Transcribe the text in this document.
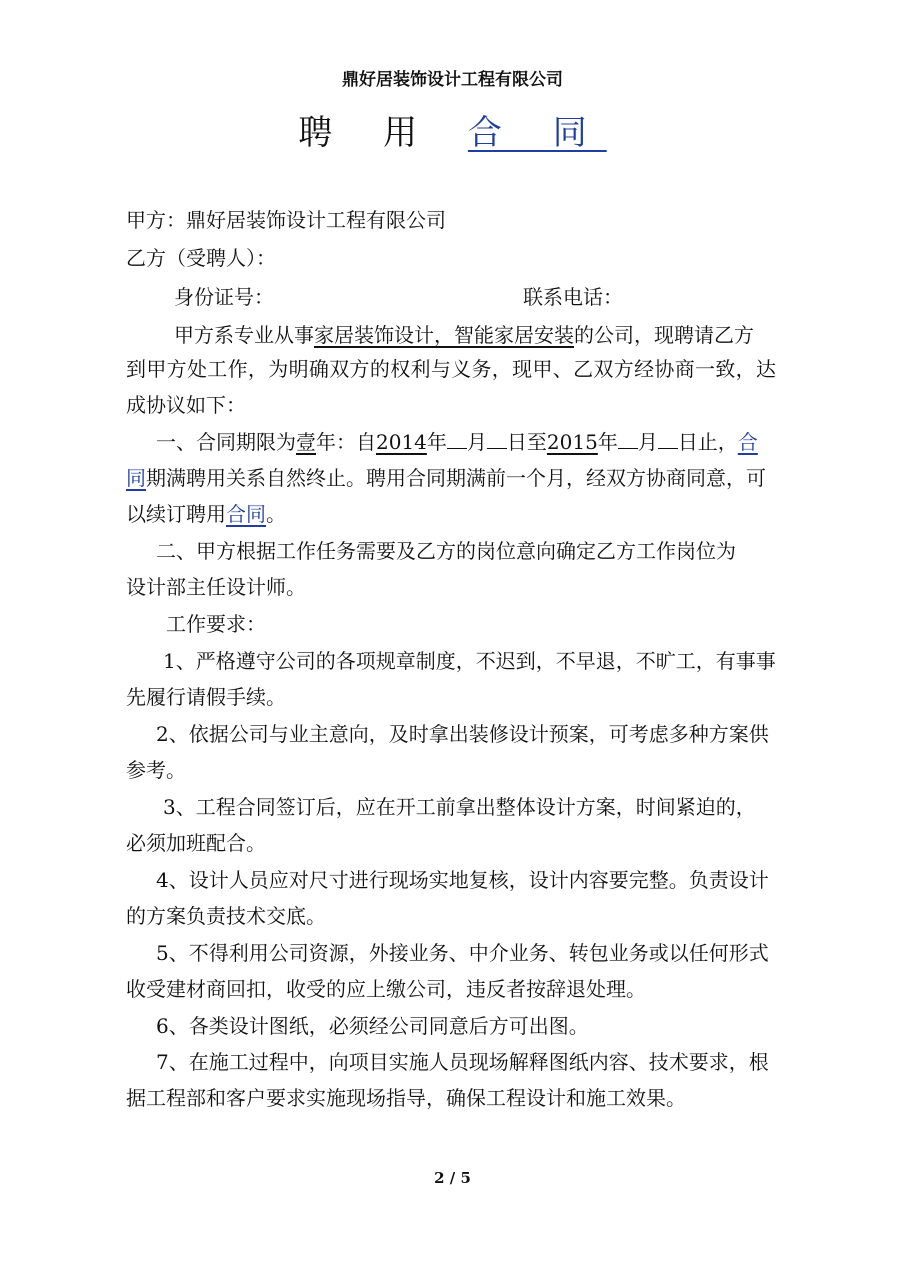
鼎好居装饰设计工程有限公司
聘 用 合 同
甲方：鼎好居装饰设计工程有限公司
乙方（受聘人）：
身份证号：	联系电话：
甲方系专业从事家居装饰设计，智能家居安装的公司，现聘请乙方
到甲方处工作，为明确双方的权利与义务，现甲、乙双方经协商一致，达
成协议如下：
一、合同期限为壹年：自2014年 月 日至2015年 月 日止，合
同期满聘用关系自然终止。聘用合同期满前一个月，经双方协商同意，可
以续订聘用合同。
二、甲方根据工作任务需要及乙方的岗位意向确定乙方工作岗位为
设计部主任设计师。
工作要求：
1、严格遵守公司的各项规章制度，不迟到，不早退，不旷工，有事事
先履行请假手续。
2、依据公司与业主意向，及时拿出装修设计预案，可考虑多种方案供
参考。
3、工程合同签订后，应在开工前拿出整体设计方案，时间紧迫的，
必须加班配合。
4、设计人员应对尺寸进行现场实地复核，设计内容要完整。负责设计
的方案负责技术交底。
5、不得利用公司资源，外接业务、中介业务、转包业务或以任何形式
收受建材商回扣，收受的应上缴公司，违反者按辞退处理。
6、各类设计图纸，必须经公司同意后方可出图。
7、在施工过程中，向项目实施人员现场解释图纸内容、技术要求，根
据工程部和客户要求实施现场指导，确保工程设计和施工效果。
2 / 5
